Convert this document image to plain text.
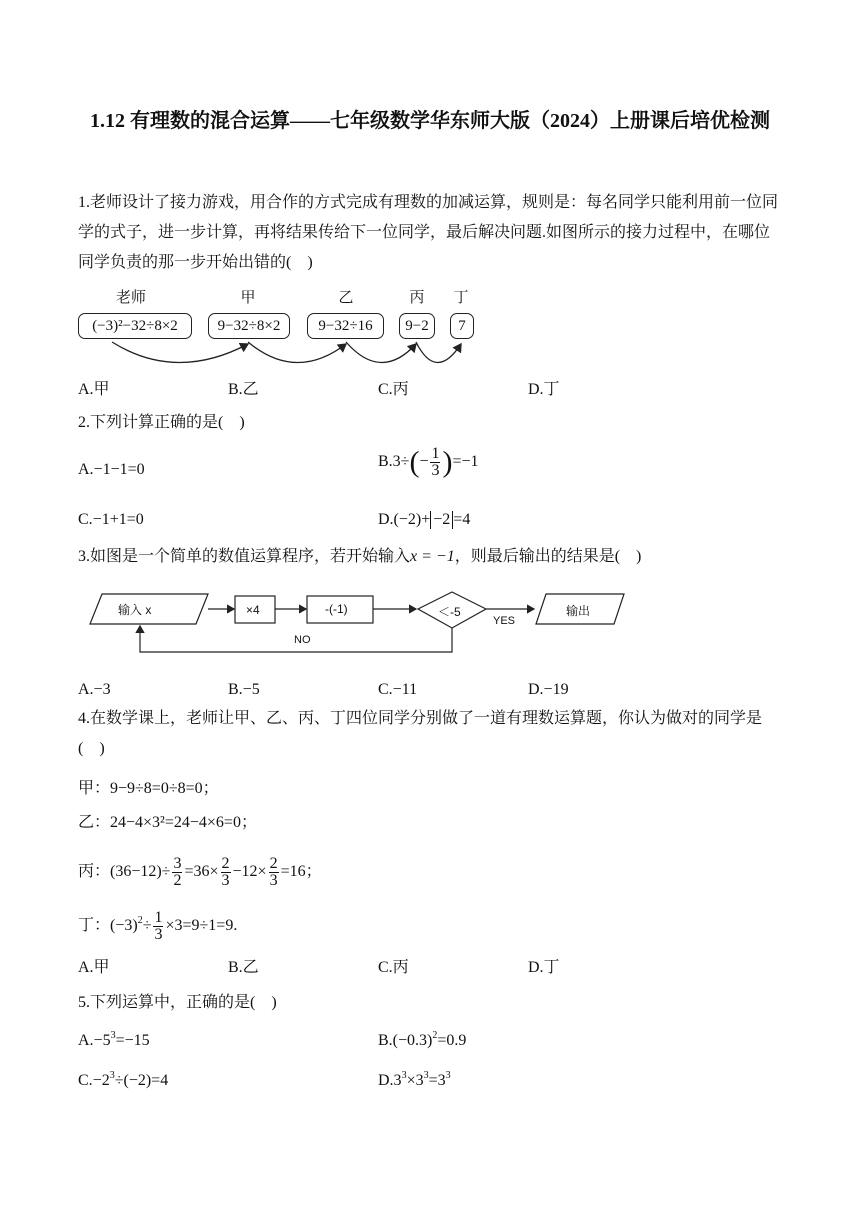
1.12 有理数的混合运算——七年级数学华东师大版（2024）上册课后培优检测
1.老师设计了接力游戏，用合作的方式完成有理数的加减运算，规则是：每名同学只能利用前一位同学的式子，进一步计算，再将结果传给下一位同学，最后解决问题.如图所示的接力过程中，在哪位同学负责的那一步开始出错的(　)
老师	甲	乙	丙	丁
(−3)²−32÷8×2	9−32÷8×2	9−32÷16	9−2	7
A.甲	B.乙	C.丙	D.丁
2.下列计算正确的是(　)
A.−1−1=0	$B.3\div(- \frac{1}{3} )=-1$
C.−1+1=0	D.(−2)+ −2 =4
3.如图是一个简单的数值运算程序，若开始输入x = −1，则最后输出的结果是(　)
输入 x	×4	-(-1)	＜-5
YES
输出
NO
A.−3	B.−5	C.−11	D.−19
4.在数学课上，老师让甲、乙、丙、丁四位同学分别做了一道有理数运算题，你认为做对的同学是(　)
甲：9−9÷8=0÷8=0；
乙：24−4×3²=24−4×6=0；
丙：$(36-12)\div \frac{3}{2} =36\times \frac{2}{3} -12\times \frac{2}{3} =16$；
丁：$(-3)^2\div \frac{1}{3} \times 3=9\div 1=9$.
A.甲	B.乙	C.丙	D.丁
5.下列运算中，正确的是(　)
$A.-5^3=-15$	$B.(-0.3)^2=0.9$
$C.-2^3\div(-2)=4$	$D.3^3\times 3^3=3^3$
